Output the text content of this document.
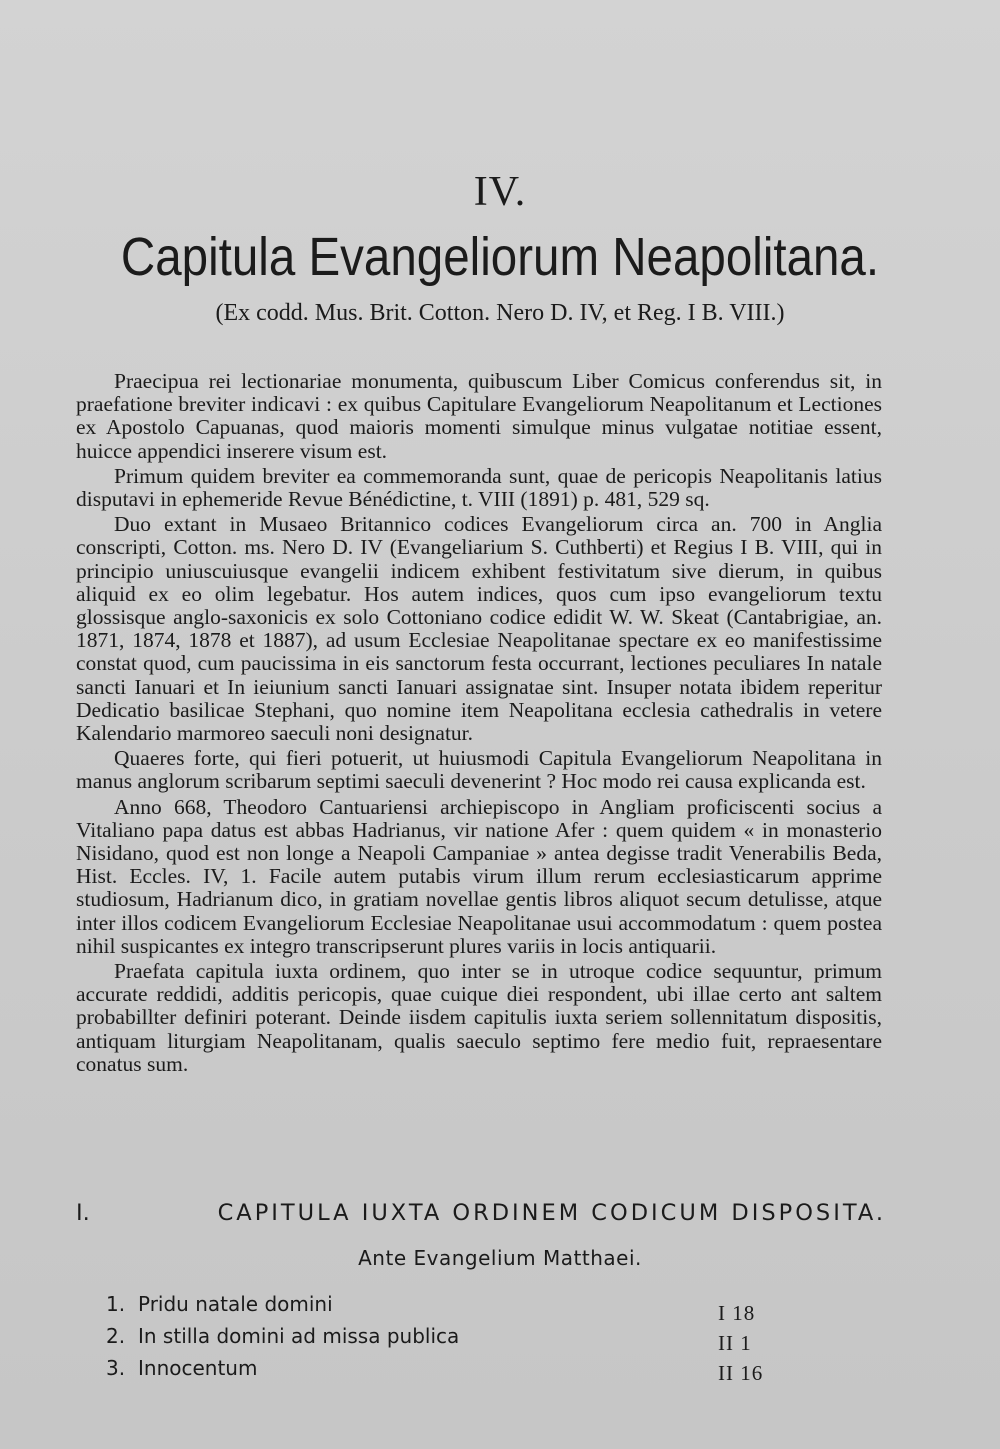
IV.
Capitula Evangeliorum Neapolitana.
(Ex codd. Mus. Brit. Cotton. Nero D. IV, et Reg. I B. VIII.)

Praecipua rei lectionariae monumenta, quibuscum Liber Comicus conferendus sit, in praefatione breviter indicavi : ex quibus Capitulare Evangeliorum Neapolitanum et Lectiones ex Apostolo Capuanas, quod maioris momenti simulque minus vulgatae notitiae essent, huicce appendici inserere visum est.

Primum quidem breviter ea commemoranda sunt, quae de pericopis Neapolitanis latius disputavi in ephemeride Revue Bénédictine, t. VIII (1891) p. 481, 529 sq.

Duo extant in Musaeo Britannico codices Evangeliorum circa an. 700 in Anglia conscripti, Cotton. ms. Nero D. IV (Evangeliarium S. Cuthberti) et Regius I B. VIII, qui in principio uniuscuiusque evangelii indicem exhibent festivitatum sive dierum, in quibus aliquid ex eo olim legebatur. Hos autem indices, quos cum ipso evangeliorum textu glossisque anglo-saxonicis ex solo Cottoniano codice edidit W. W. Skeat (Cantabrigiae, an. 1871, 1874, 1878 et 1887), ad usum Ecclesiae Neapolitanae spectare ex eo manifestissime constat quod, cum paucissima in eis sanctorum festa occurrant, lectiones peculiares In natale sancti Ianuari et In ieiunium sancti Ianuari assignatae sint. Insuper notata ibidem reperitur Dedicatio basilicae Stephani, quo nomine item Neapolitana ecclesia cathedralis in vetere Kalendario marmoreo saeculi noni designatur.

Quaeres forte, qui fieri potuerit, ut huiusmodi Capitula Evangeliorum Neapolitana in manus anglorum scribarum septimi saeculi devenerint ? Hoc modo rei causa explicanda est.

Anno 668, Theodoro Cantuariensi archiepiscopo in Angliam proficiscenti socius a Vitaliano papa datus est abbas Hadrianus, vir natione Afer : quem quidem « in monasterio Nisidano, quod est non longe a Neapoli Campaniae » antea degisse tradit Venerabilis Beda, Hist. Eccles. IV, 1. Facile autem putabis virum illum rerum ecclesiasticarum apprime studiosum, Hadrianum dico, in gratiam novellae gentis libros aliquot secum detulisse, atque inter illos codicem Evangeliorum Ecclesiae Neapolitanae usui accommodatum : quem postea nihil suspicantes ex integro transcripserunt plures variis in locis antiquarii.

Praefata capitula iuxta ordinem, quo inter se in utroque codice sequuntur, primum accurate reddidi, additis pericopis, quae cuique diei respondent, ubi illae certo ant saltem probabillter definiri poterant. Deinde iisdem capitulis iuxta seriem sollennitatum dispositis, antiquam liturgiam Neapolitanam, qualis saeculo septimo fere medio fuit, repraesentare conatus sum.

I.	CAPITULA IUXTA ORDINEM CODICUM DISPOSITA.
Ante Evangelium Matthaei.
1. Pridu natale domini
2. In stilla domini ad missa publica
3. Innocentum
I 18
II 1
II 16
